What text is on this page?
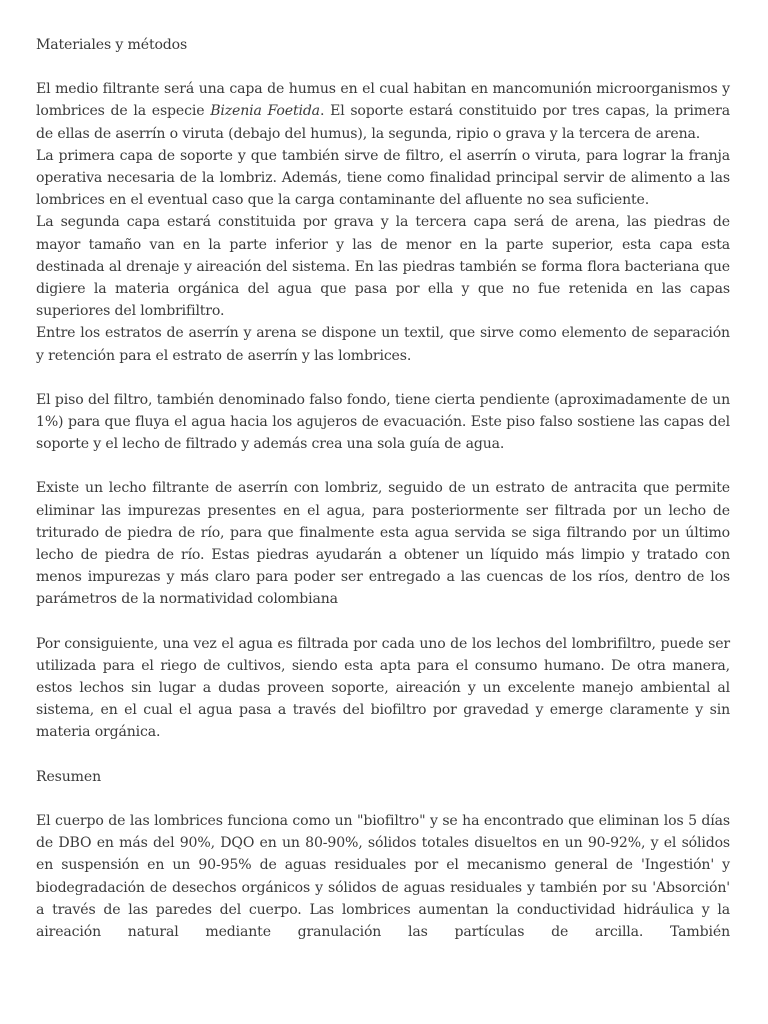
Materiales y métodos

El medio filtrante será una capa de humus en el cual habitan en mancomunión microorganismos y lombrices de la especie Bizenia Foetida. El soporte estará constituido por tres capas, la primera de ellas de aserrín o viruta (debajo del humus), la segunda, ripio o grava y la tercera de arena.

La primera capa de soporte y que también sirve de filtro, el aserrín o viruta, para lograr la franja operativa necesaria de la lombriz. Además, tiene como finalidad principal servir de alimento a las lombrices en el eventual caso que la carga contaminante del afluente no sea suficiente.

La segunda capa estará constituida por grava y la tercera capa será de arena, las piedras de mayor tamaño van en la parte inferior y las de menor en la parte superior, esta capa esta destinada al drenaje y aireación del sistema. En las piedras también se forma flora bacteriana que digiere la materia orgánica del agua que pasa por ella y que no fue retenida en las capas superiores del lombrifiltro.

Entre los estratos de aserrín y arena se dispone un textil, que sirve como elemento de separación y retención para el estrato de aserrín y las lombrices.

El piso del filtro, también denominado falso fondo, tiene cierta pendiente (aproximadamente de un 1%) para que fluya el agua hacia los agujeros de evacuación. Este piso falso sostiene las capas del soporte y el lecho de filtrado y además crea una sola guía de agua.

Existe un lecho filtrante de aserrín con lombriz, seguido de un estrato de antracita que permite eliminar las impurezas presentes en el agua, para posteriormente ser filtrada por un lecho de triturado de piedra de río, para que finalmente esta agua servida se siga filtrando por un último lecho de piedra de río. Estas piedras ayudarán a obtener un líquido más limpio y tratado con menos impurezas y más claro para poder ser entregado a las cuencas de los ríos, dentro de los parámetros de la normatividad colombiana

Por consiguiente, una vez el agua es filtrada por cada uno de los lechos del lombrifiltro, puede ser utilizada para el riego de cultivos, siendo esta apta para el consumo humano. De otra manera, estos lechos sin lugar a dudas proveen soporte, aireación y un excelente manejo ambiental al sistema, en el cual el agua pasa a través del biofiltro por gravedad y emerge claramente y sin materia orgánica.

Resumen

El cuerpo de las lombrices funciona como un "biofiltro" y se ha encontrado que eliminan los 5 días de DBO en más del 90%, DQO en un 80-90%, sólidos totales disueltos en un 90-92%, y el sólidos en suspensión en un 90-95% de aguas residuales por el mecanismo general de 'Ingestión' y biodegradación de desechos orgánicos y sólidos de aguas residuales y también por su 'Absorción' a través de las paredes del cuerpo. Las lombrices aumentan la conductividad hidráulica y la aireación natural mediante granulación las partículas de arcilla. También
